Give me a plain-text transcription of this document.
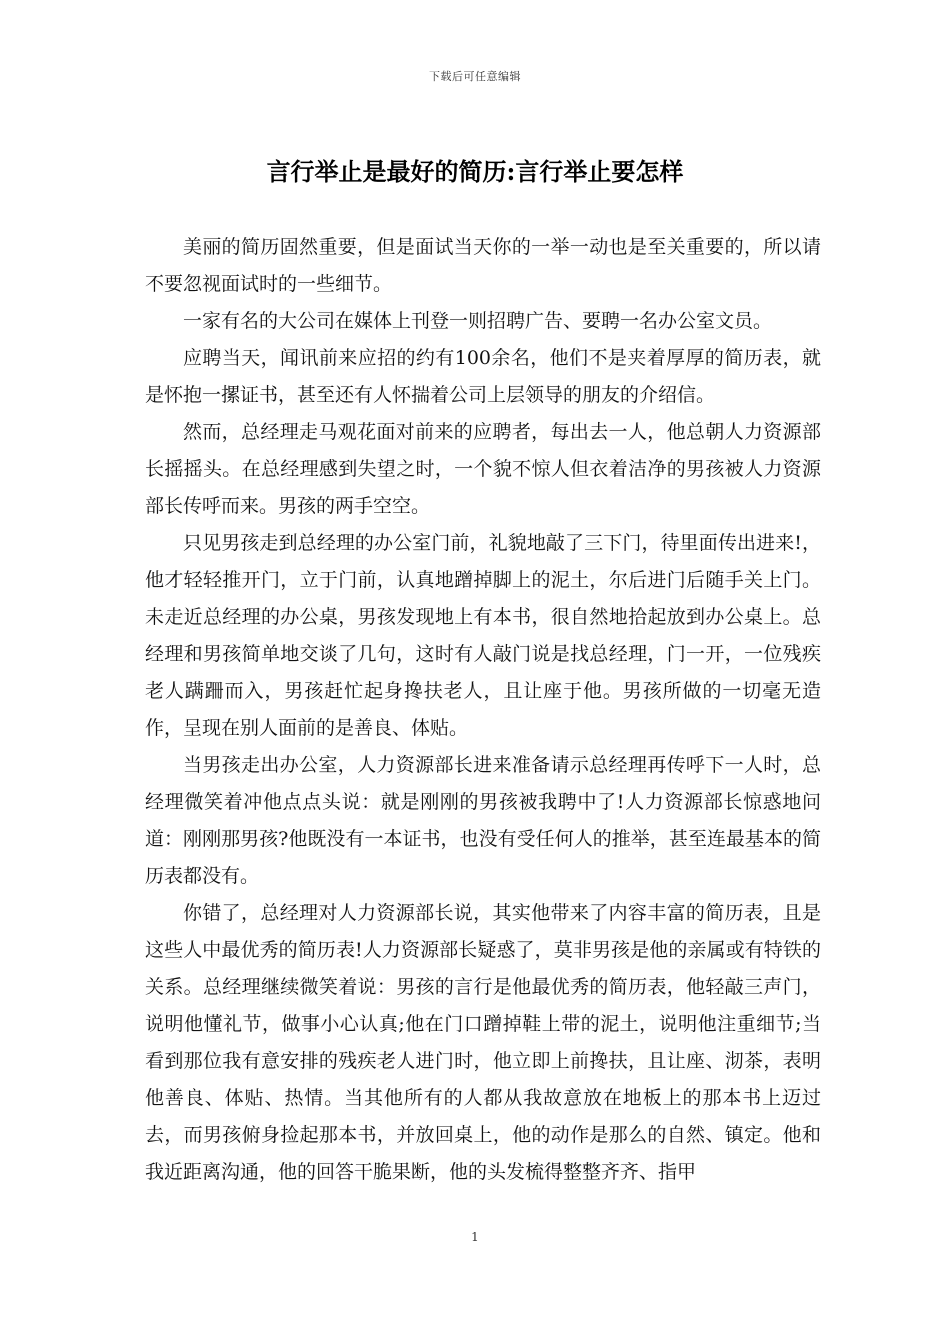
下载后可任意编辑
言行举止是最好的简历:言行举止要怎样

美丽的简历固然重要，但是面试当天你的一举一动也是至关重要的，所以请不要忽视面试时的一些细节。

一家有名的大公司在媒体上刊登一则招聘广告、要聘一名办公室文员。

应聘当天，闻讯前来应招的约有100余名，他们不是夹着厚厚的简历表，就是怀抱一摞证书，甚至还有人怀揣着公司上层领导的朋友的介绍信。

然而，总经理走马观花面对前来的应聘者，每出去一人，他总朝人力资源部长摇摇头。在总经理感到失望之时，一个貌不惊人但衣着洁净的男孩被人力资源部长传呼而来。男孩的两手空空。

只见男孩走到总经理的办公室门前，礼貌地敲了三下门，待里面传出进来!，他才轻轻推开门，立于门前，认真地蹭掉脚上的泥土，尔后进门后随手关上门。未走近总经理的办公桌，男孩发现地上有本书，很自然地拾起放到办公桌上。总经理和男孩简单地交谈了几句，这时有人敲门说是找总经理，门一开，一位残疾老人蹒跚而入，男孩赶忙起身搀扶老人，且让座于他。男孩所做的一切毫无造作，呈现在别人面前的是善良、体贴。

当男孩走出办公室，人力资源部长进来准备请示总经理再传呼下一人时，总经理微笑着冲他点点头说：就是刚刚的男孩被我聘中了!人力资源部长惊惑地问道：刚刚那男孩?他既没有一本证书，也没有受任何人的推举，甚至连最基本的简历表都没有。

你错了，总经理对人力资源部长说，其实他带来了内容丰富的简历表，且是这些人中最优秀的简历表!人力资源部长疑惑了，莫非男孩是他的亲属或有特铁的关系。总经理继续微笑着说：男孩的言行是他最优秀的简历表，他轻敲三声门，说明他懂礼节，做事小心认真;他在门口蹭掉鞋上带的泥土，说明他注重细节;当看到那位我有意安排的残疾老人进门时，他立即上前搀扶，且让座、沏茶，表明他善良、体贴、热情。当其他所有的人都从我故意放在地板上的那本书上迈过去，而男孩俯身捡起那本书，并放回桌上，他的动作是那么的自然、镇定。他和我近距离沟通，他的回答干脆果断，他的头发梳得整整齐齐、指甲

1
